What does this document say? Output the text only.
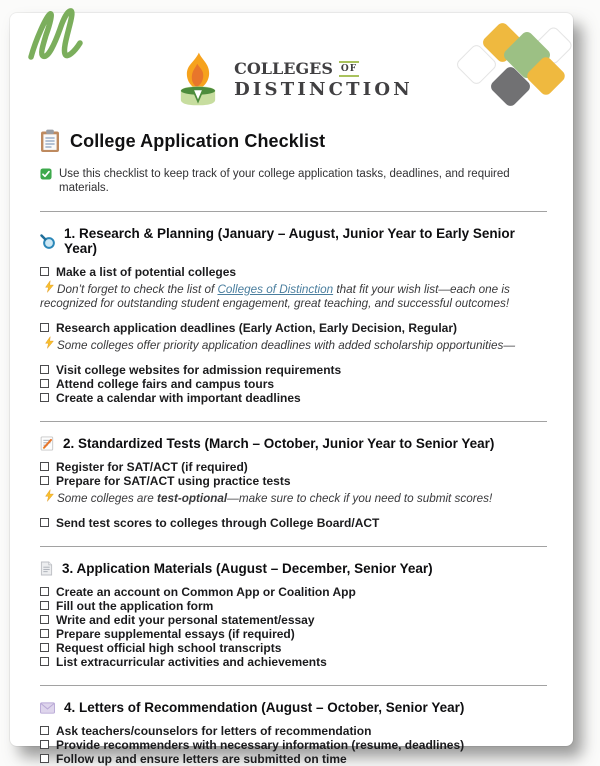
COLLEGES OF
DISTINCTION
College Application Checklist
Use this checklist to keep track of your college application tasks, deadlines, and required materials.
1. Research & Planning (January – August, Junior Year to Early Senior Year)
Make a list of potential colleges

Don’t forget to check the list of Colleges of Distinction that fit your wish list—each one is recognized for outstanding student engagement, great teaching, and successful outcomes!

Research application deadlines (Early Action, Early Decision, Regular)

Some colleges offer priority application deadlines with added scholarship opportunities—

Visit college websites for admission requirements
Attend college fairs and campus tours
Create a calendar with important deadlines
2. Standardized Tests (March – October, Junior Year to Senior Year)
Register for SAT/ACT (if required)
Prepare for SAT/ACT using practice tests

Some colleges are test-optional—make sure to check if you need to submit scores!

Send test scores to colleges through College Board/ACT
3. Application Materials (August – December, Senior Year)
Create an account on Common App or Coalition App
Fill out the application form
Write and edit your personal statement/essay
Prepare supplemental essays (if required)
Request official high school transcripts
List extracurricular activities and achievements
4. Letters of Recommendation (August – October, Senior Year)
Ask teachers/counselors for letters of recommendation
Provide recommenders with necessary information (resume, deadlines)
Follow up and ensure letters are submitted on time
